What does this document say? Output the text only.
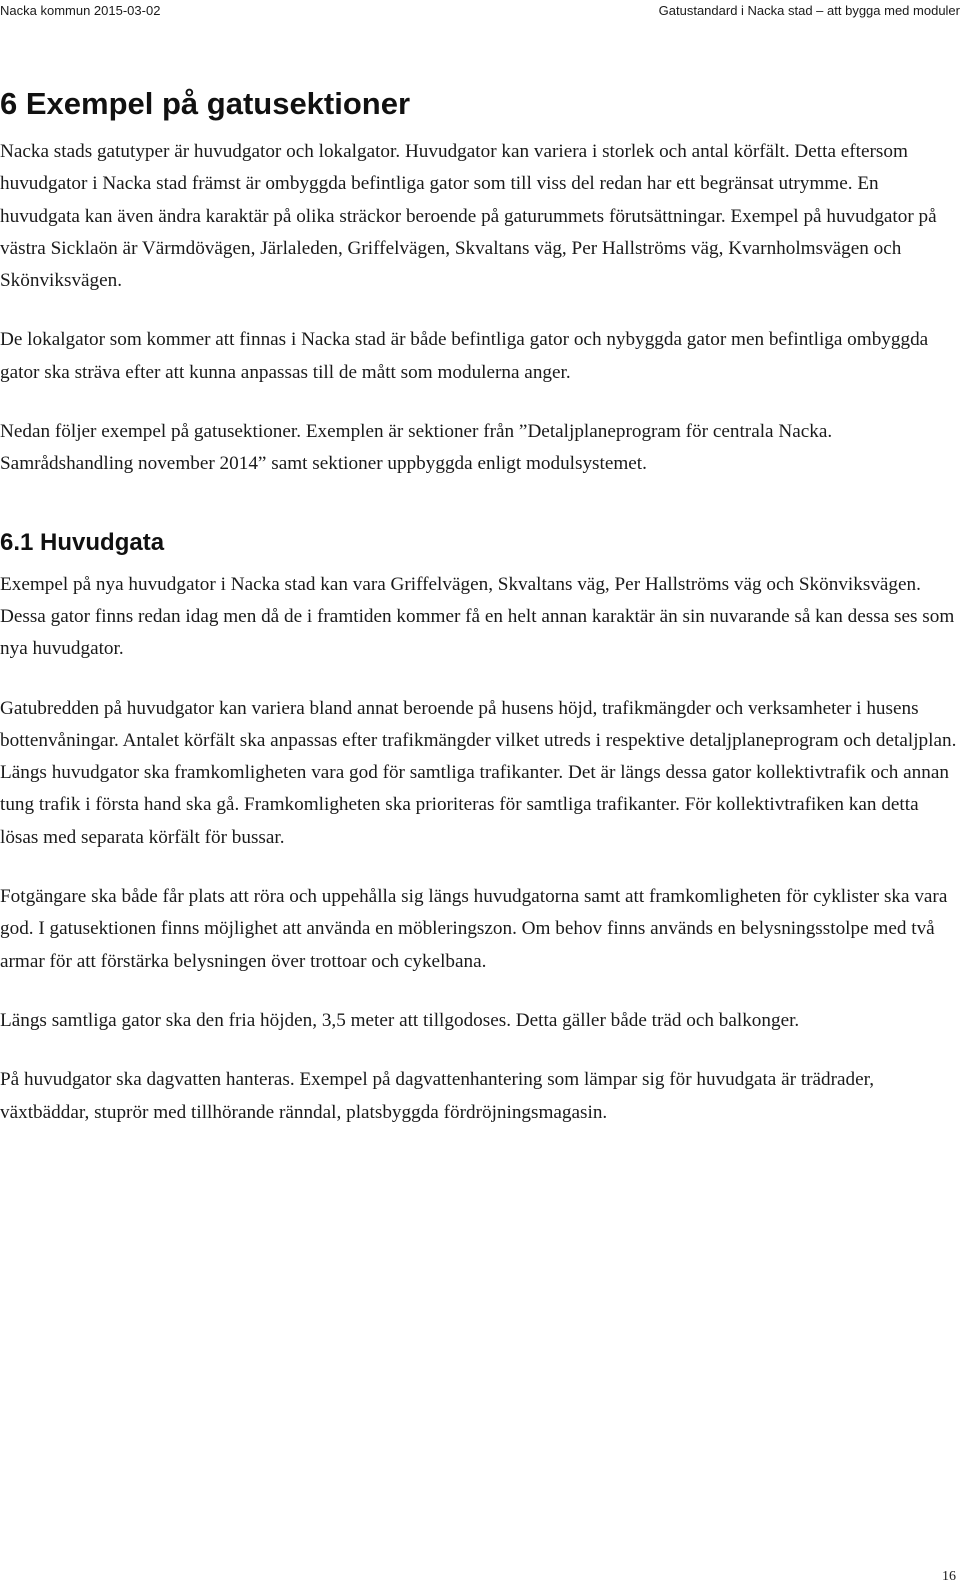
Nacka kommun 2015-03-02	Gatustandard i Nacka stad – att bygga med moduler
6 Exempel på gatusektioner

Nacka stads gatutyper är huvudgator och lokalgator. Huvudgator kan variera i storlek och antal körfält. Detta eftersom huvudgator i Nacka stad främst är ombyggda befintliga gator som till viss del redan har ett begränsat utrymme. En huvudgata kan även ändra karaktär på olika sträckor beroende på gaturummets förutsättningar. Exempel på huvudgator på västra Sicklaön är Värmdövägen, Järlaleden, Griffelvägen, Skvaltans väg, Per Hallströms väg, Kvarnholmsvägen och Skönviksvägen.

De lokalgator som kommer att finnas i Nacka stad är både befintliga gator och nybyggda gator men befintliga ombyggda gator ska sträva efter att kunna anpassas till de mått som modulerna anger.

Nedan följer exempel på gatusektioner. Exemplen är sektioner från ”Detaljplaneprogram för centrala Nacka. Samrådshandling november 2014” samt sektioner uppbyggda enligt modulsystemet.

6.1 Huvudgata

Exempel på nya huvudgator i Nacka stad kan vara Griffelvägen, Skvaltans väg, Per Hallströms väg och Skönviksvägen. Dessa gator finns redan idag men då de i framtiden kommer få en helt annan karaktär än sin nuvarande så kan dessa ses som nya huvudgator.

Gatubredden på huvudgator kan variera bland annat beroende på husens höjd, trafikmängder och verksamheter i husens bottenvåningar. Antalet körfält ska anpassas efter trafikmängder vilket utreds i respektive detaljplaneprogram och detaljplan. Längs huvudgator ska framkomligheten vara god för samtliga trafikanter. Det är längs dessa gator kollektivtrafik och annan tung trafik i första hand ska gå. Framkomligheten ska prioriteras för samtliga trafikanter. För kollektivtrafiken kan detta lösas med separata körfält för bussar.

Fotgängare ska både får plats att röra och uppehålla sig längs huvudgatorna samt att framkomligheten för cyklister ska vara god. I gatusektionen finns möjlighet att använda en möbleringszon. Om behov finns används en belysningsstolpe med två armar för att förstärka belysningen över trottoar och cykelbana.

Längs samtliga gator ska den fria höjden, 3,5 meter att tillgodoses. Detta gäller både träd och balkonger.

På huvudgator ska dagvatten hanteras. Exempel på dagvattenhantering som lämpar sig för huvudgata är trädrader, växtbäddar, stuprör med tillhörande ränndal, platsbyggda fördröjningsmagasin.

16
